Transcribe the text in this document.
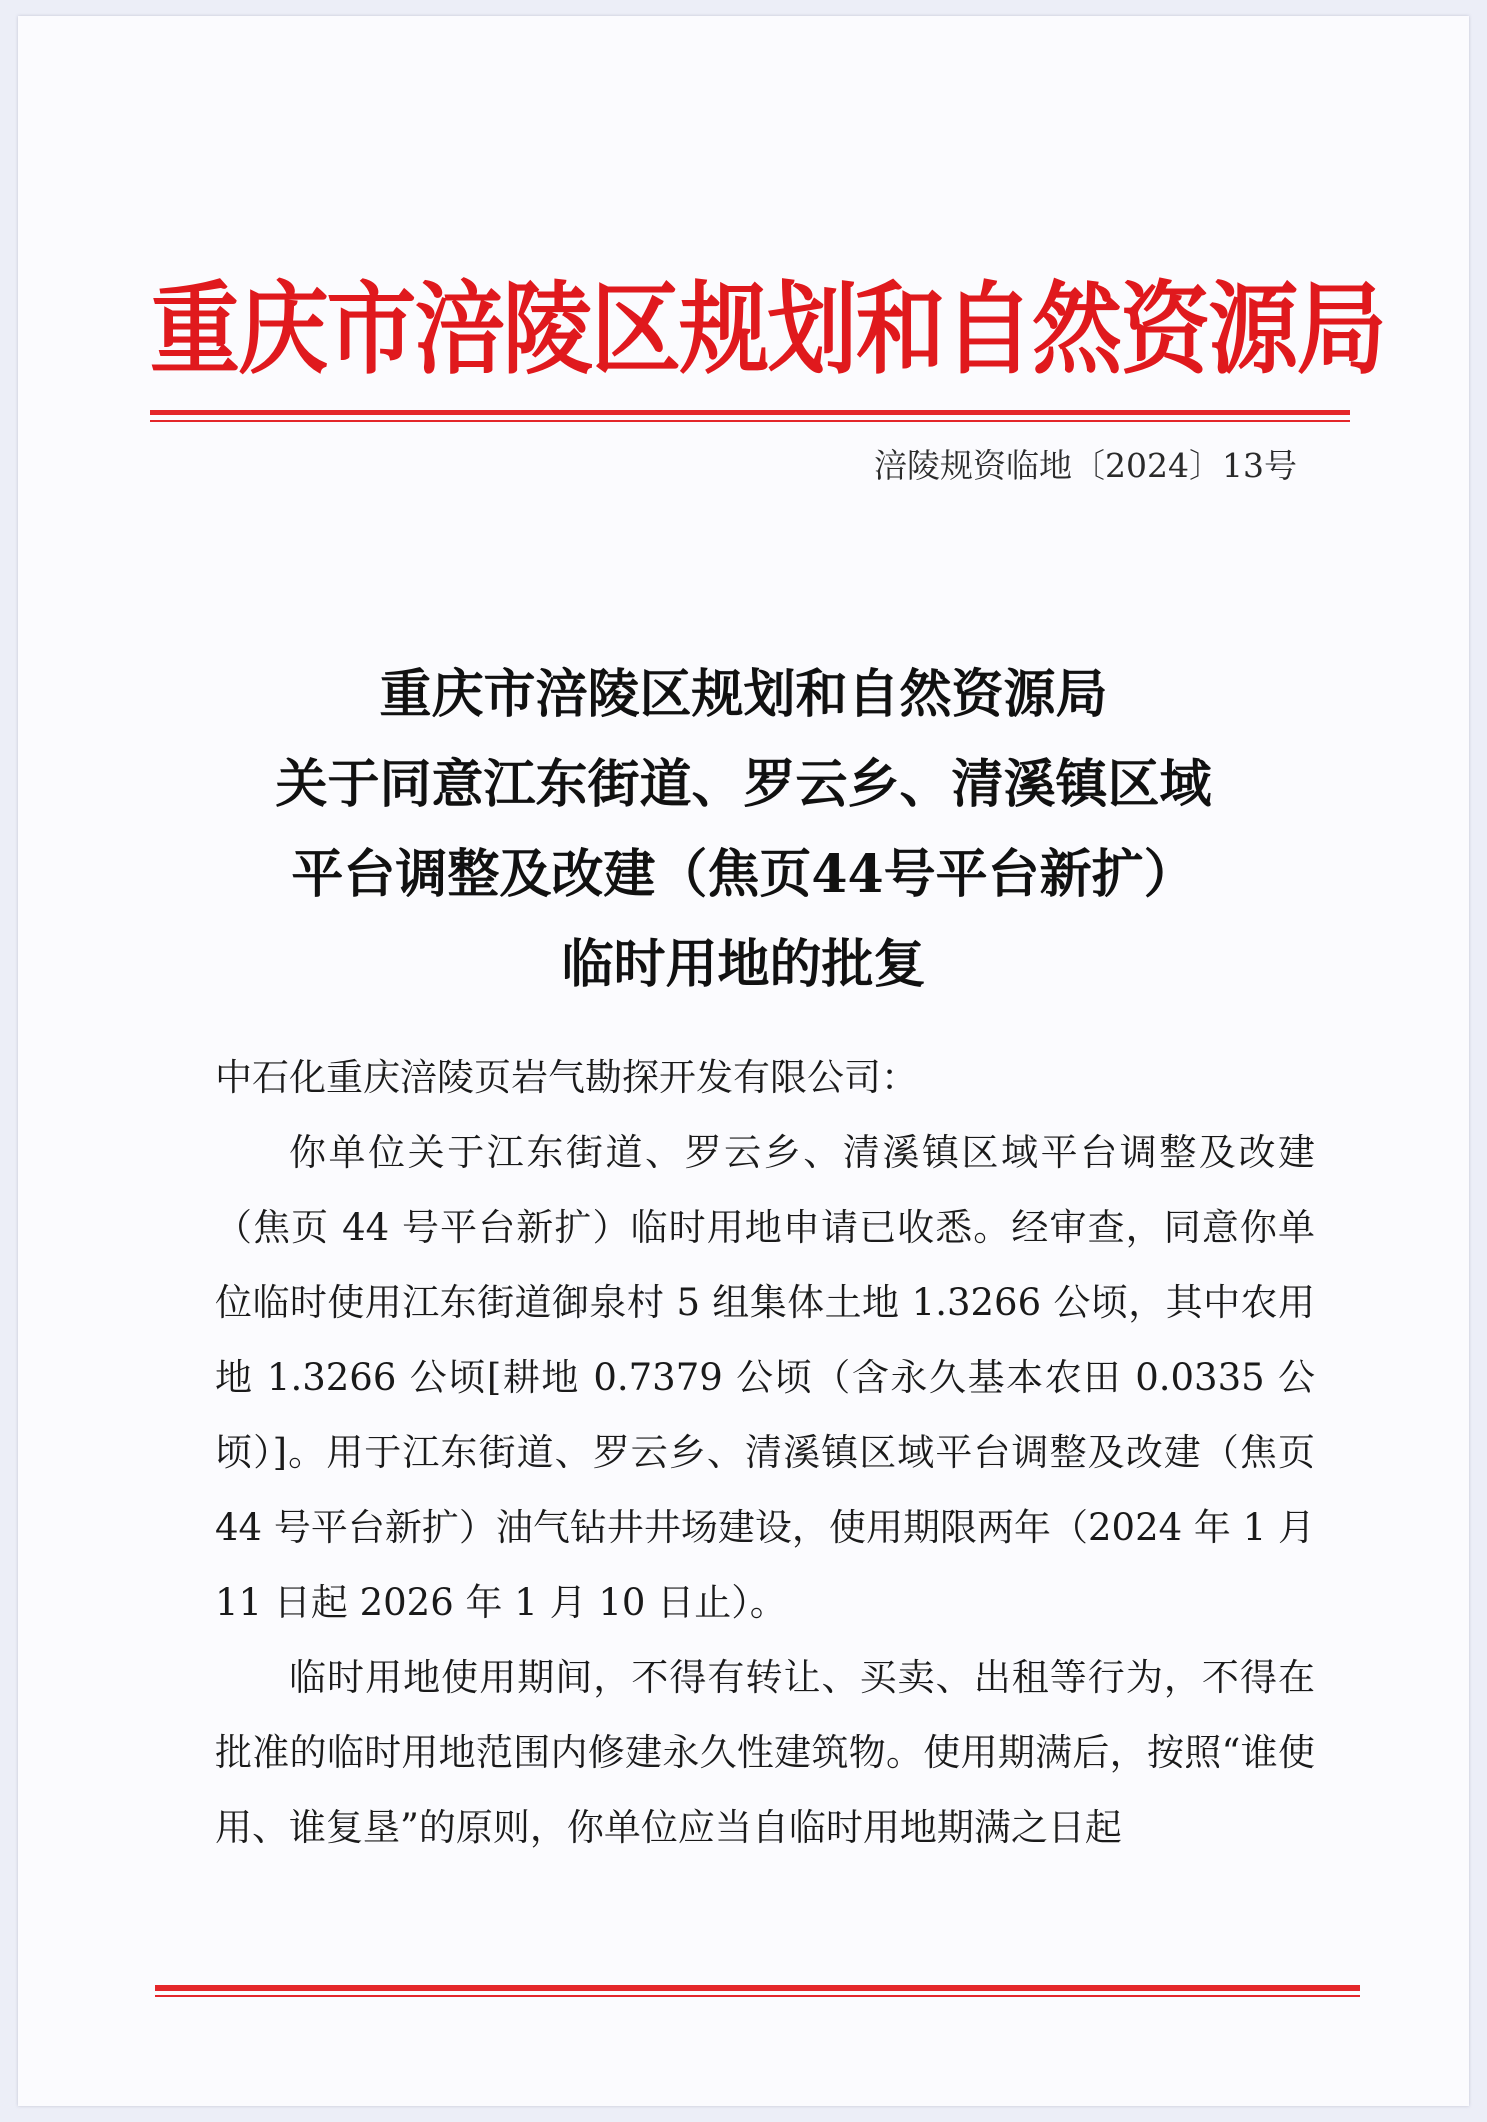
重庆市涪陵区规划和自然资源局
涪陵规资临地〔2024〕13号
重庆市涪陵区规划和自然资源局
关于同意江东街道、罗云乡、清溪镇区域
平台调整及改建（焦页44号平台新扩）
临时用地的批复

中石化重庆涪陵页岩气勘探开发有限公司：

你单位关于江东街道、罗云乡、清溪镇区域平台调整及改建（焦页 44 号平台新扩）临时用地申请已收悉。经审查，同意你单位临时使用江东街道御泉村 5 组集体土地 1.3266 公顷，其中农用地 1.3266 公顷[耕地 0.7379 公顷（含永久基本农田 0.0335 公顷）]。用于江东街道、罗云乡、清溪镇区域平台调整及改建（焦页 44 号平台新扩）油气钻井井场建设，使用期限两年（2024 年 1 月 11 日起 2026 年 1 月 10 日止）。

临时用地使用期间，不得有转让、买卖、出租等行为，不得在批准的临时用地范围内修建永久性建筑物。使用期满后，按照“谁使用、谁复垦”的原则，你单位应当自临时用地期满之日起
